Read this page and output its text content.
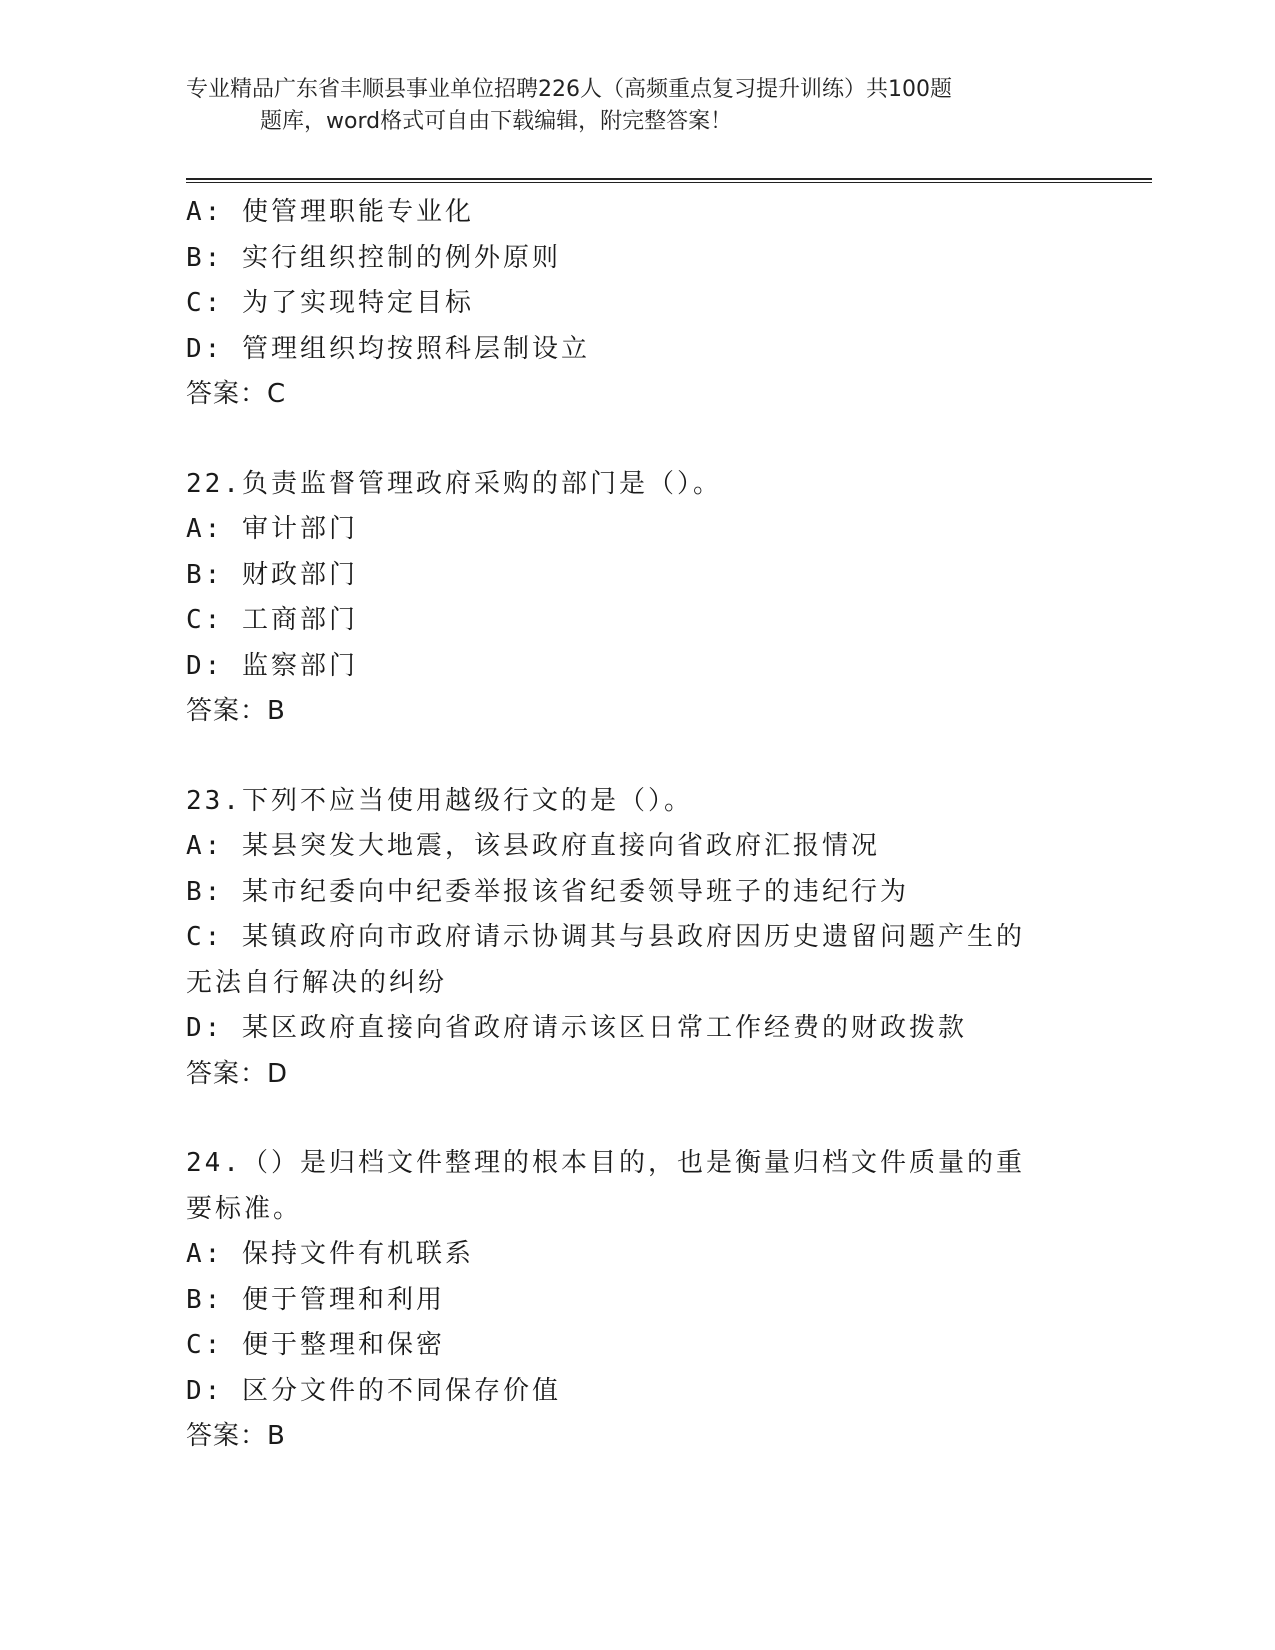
专业精品广东省丰顺县事业单位招聘226人（高频重点复习提升训练）共100题
题库，word格式可自由下载编辑，附完整答案！
A: 使管理职能专业化
B: 实行组织控制的例外原则
C: 为了实现特定目标
D: 管理组织均按照科层制设立
答案：C
22.负责监督管理政府采购的部门是（）。
A: 审计部门
B: 财政部门
C: 工商部门
D: 监察部门
答案：B
23.下列不应当使用越级行文的是（）。
A: 某县突发大地震，该县政府直接向省政府汇报情况
B: 某市纪委向中纪委举报该省纪委领导班子的违纪行为
C: 某镇政府向市政府请示协调其与县政府因历史遗留问题产生的无法自行解决的纠纷
D: 某区政府直接向省政府请示该区日常工作经费的财政拨款
答案：D
24.（）是归档文件整理的根本目的，也是衡量归档文件质量的重要标准。
A: 保持文件有机联系
B: 便于管理和利用
C: 便于整理和保密
D: 区分文件的不同保存价值
答案：B
